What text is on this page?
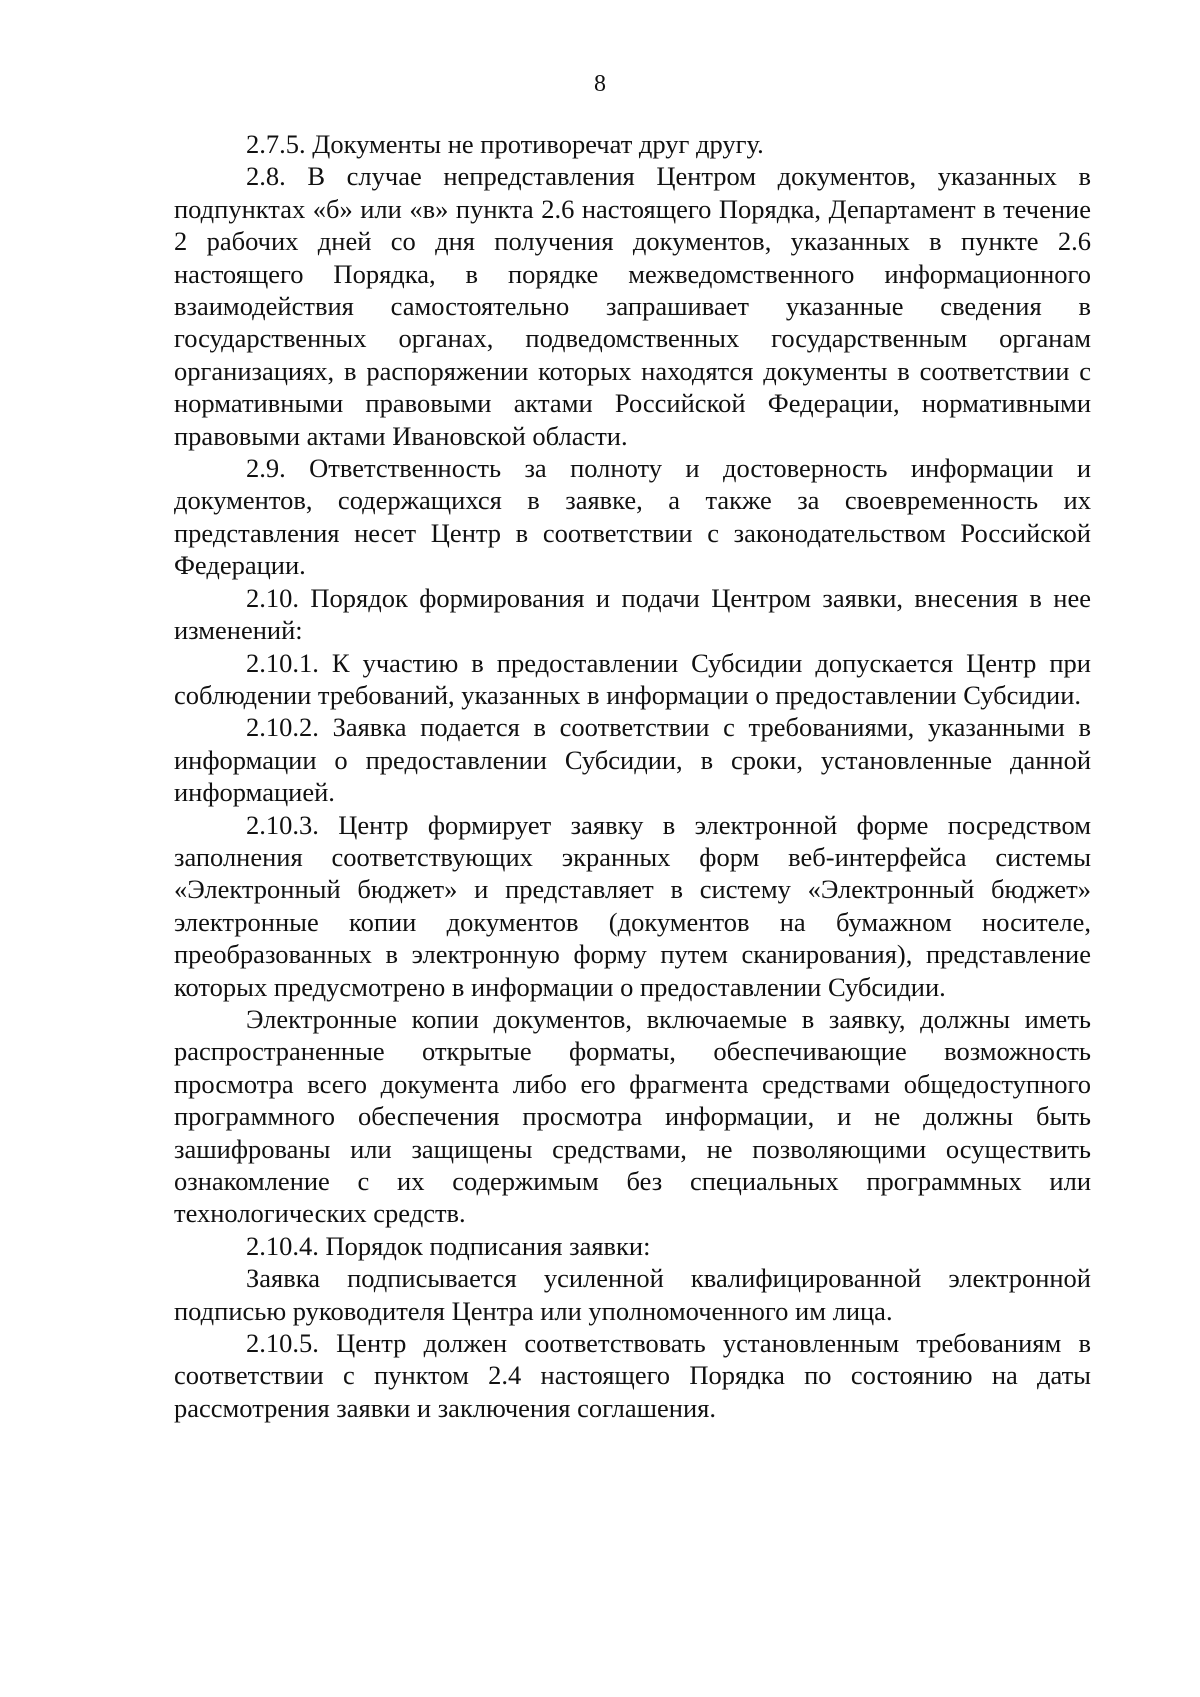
8

2.7.5. Документы не противоречат друг другу.

2.8. В случае непредставления Центром документов, указанных в подпунктах «б» или «в» пункта 2.6 настоящего Порядка, Департамент в течение 2 рабочих дней со дня получения документов, указанных в пункте 2.6 настоящего Порядка, в порядке межведомственного информационного взаимодействия самостоятельно запрашивает указанные сведения в государственных органах, подведомственных государственным органам организациях, в распоряжении которых находятся документы в соответствии с нормативными правовыми актами Российской Федерации, нормативными правовыми актами Ивановской области.

2.9. Ответственность за полноту и достоверность информации и документов, содержащихся в заявке, а также за своевременность их представления несет Центр в соответствии с законодательством Российской Федерации.

2.10. Порядок формирования и подачи Центром заявки, внесения в нее изменений:

2.10.1. К участию в предоставлении Субсидии допускается Центр при соблюдении требований, указанных в информации о предоставлении Субсидии.

2.10.2. Заявка подается в соответствии с требованиями, указанными в информации о предоставлении Субсидии, в сроки, установленные данной информацией.

2.10.3. Центр формирует заявку в электронной форме посредством заполнения соответствующих экранных форм веб-интерфейса системы «Электронный бюджет» и представляет в систему «Электронный бюджет» электронные копии документов (документов на бумажном носителе, преобразованных в электронную форму путем сканирования), представление которых предусмотрено в информации о предоставлении Субсидии.

Электронные копии документов, включаемые в заявку, должны иметь распространенные открытые форматы, обеспечивающие возможность просмотра всего документа либо его фрагмента средствами общедоступного программного обеспечения просмотра информации, и не должны быть зашифрованы или защищены средствами, не позволяющими осуществить ознакомление с их содержимым без специальных программных или технологических средств.

2.10.4. Порядок подписания заявки:

Заявка подписывается усиленной квалифицированной электронной подписью руководителя Центра или уполномоченного им лица.

2.10.5. Центр должен соответствовать установленным требованиям в соответствии с пунктом 2.4 настоящего Порядка по состоянию на даты рассмотрения заявки и заключения соглашения.
